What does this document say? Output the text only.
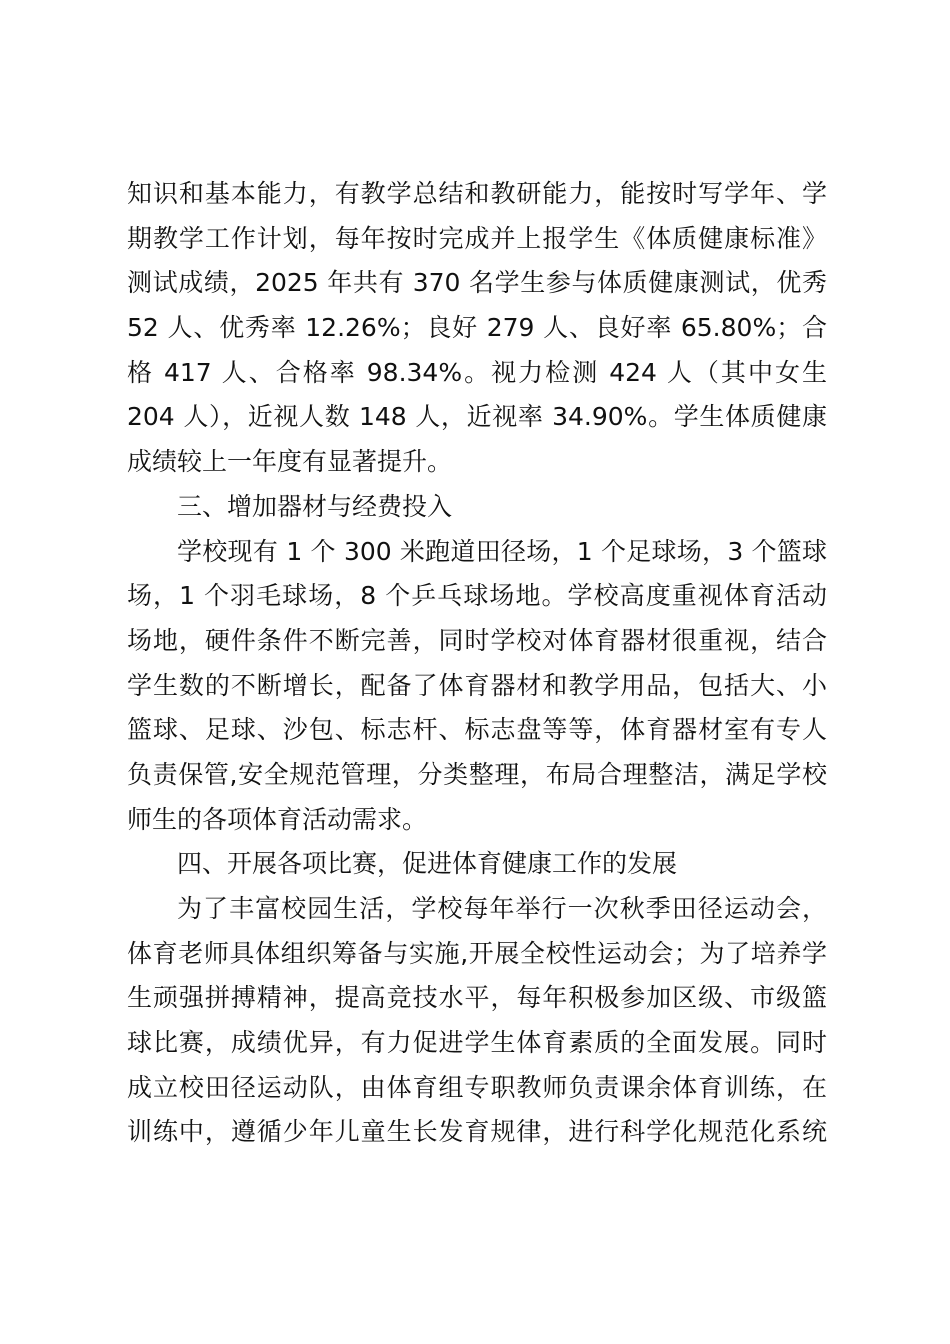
知识和基本能力，有教学总结和教研能力，能按时写学年、学
期教学工作计划，每年按时完成并上报学生《体质健康标准》
测试成绩，2025 年共有 370 名学生参与体质健康测试，优秀
52 人、优秀率 12.26%；良好 279 人、良好率 65.80%；合
格 417 人、合格率 98.34%。视力检测 424 人（其中女生
204 人），近视人数 148 人，近视率 34.90%。学生体质健康
成绩较上一年度有显著提升。
三、增加器材与经费投入
学校现有 1 个 300 米跑道田径场，1 个足球场，3 个篮球
场，1 个羽毛球场，8 个乒乓球场地。学校高度重视体育活动
场地，硬件条件不断完善，同时学校对体育器材很重视，结合
学生数的不断增长，配备了体育器材和教学用品，包括大、小
篮球、足球、沙包、标志杆、标志盘等等，体育器材室有专人
负责保管,安全规范管理，分类整理，布局合理整洁，满足学校
师生的各项体育活动需求。
四、开展各项比赛，促进体育健康工作的发展
为了丰富校园生活，学校每年举行一次秋季田径运动会，
体育老师具体组织筹备与实施,开展全校性运动会；为了培养学
生顽强拼搏精神，提高竞技水平，每年积极参加区级、市级篮
球比赛，成绩优异，有力促进学生体育素质的全面发展。同时
成立校田径运动队，由体育组专职教师负责课余体育训练，在
训练中，遵循少年儿童生长发育规律，进行科学化规范化系统
